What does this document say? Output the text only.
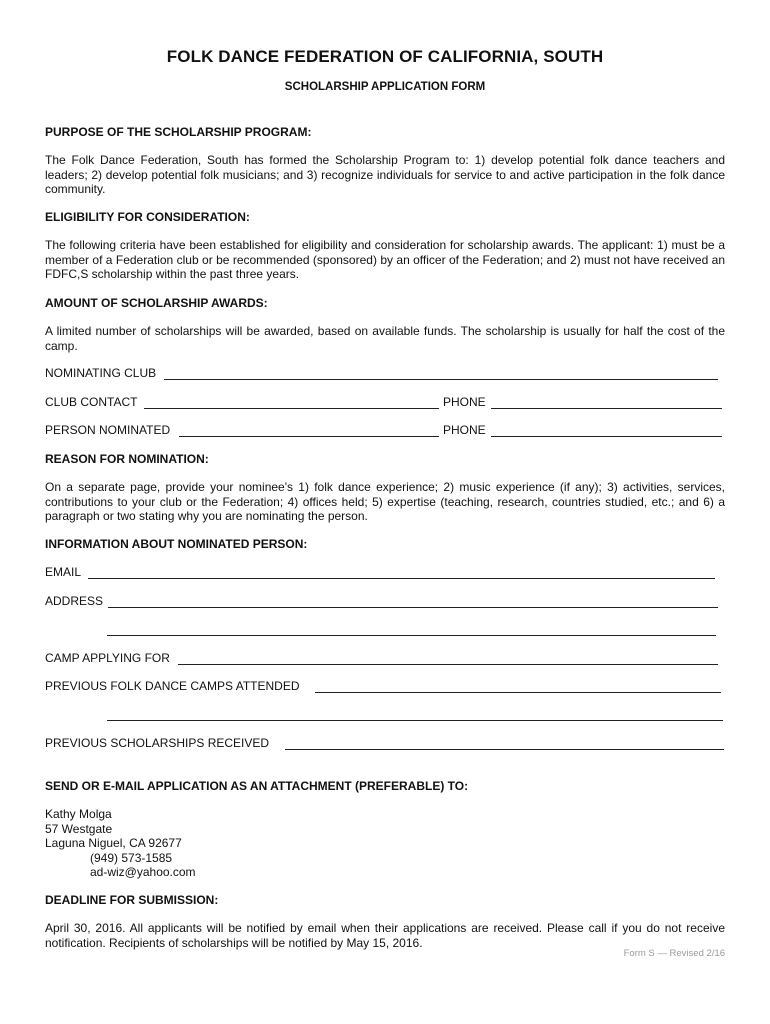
FOLK DANCE FEDERATION OF CALIFORNIA, SOUTH
SCHOLARSHIP APPLICATION FORM
PURPOSE OF THE SCHOLARSHIP PROGRAM:
The Folk Dance Federation, South has formed the Scholarship Program to: 1) develop potential folk dance teachers and leaders; 2) develop potential folk musicians; and 3) recognize individuals for service to and active participation in the folk dance community.
ELIGIBILITY FOR CONSIDERATION:
The following criteria have been established for eligibility and consideration for scholarship awards. The applicant: 1) must be a member of a Federation club or be recommended (sponsored) by an officer of the Federation; and 2) must not have received an FDFC,S scholarship within the past three years.
AMOUNT OF SCHOLARSHIP AWARDS:
A limited number of scholarships will be awarded, based on available funds. The scholarship is usually for half the cost of the camp.
NOMINATING CLUB
CLUB CONTACT	PHONE
PERSON NOMINATED	PHONE
REASON FOR NOMINATION:
On a separate page, provide your nominee's 1) folk dance experience; 2) music experience (if any); 3) activities, services, contributions to your club or the Federation; 4) offices held; 5) expertise (teaching, research, countries studied, etc.; and 6) a paragraph or two stating why you are nominating the person.
INFORMATION ABOUT NOMINATED PERSON:
EMAIL
ADDRESS
CAMP APPLYING FOR
PREVIOUS FOLK DANCE CAMPS ATTENDED
PREVIOUS SCHOLARSHIPS RECEIVED
SEND OR E-MAIL APPLICATION AS AN ATTACHMENT (PREFERABLE) TO:
Kathy Molga
57 Westgate
Laguna Niguel, CA 92677
(949) 573-1585
ad-wiz@yahoo.com
DEADLINE FOR SUBMISSION:
April 30, 2016. All applicants will be notified by email when their applications are received. Please call if you do not receive notification. Recipients of scholarships will be notified by May 15, 2016.
Form S — Revised 2/16
